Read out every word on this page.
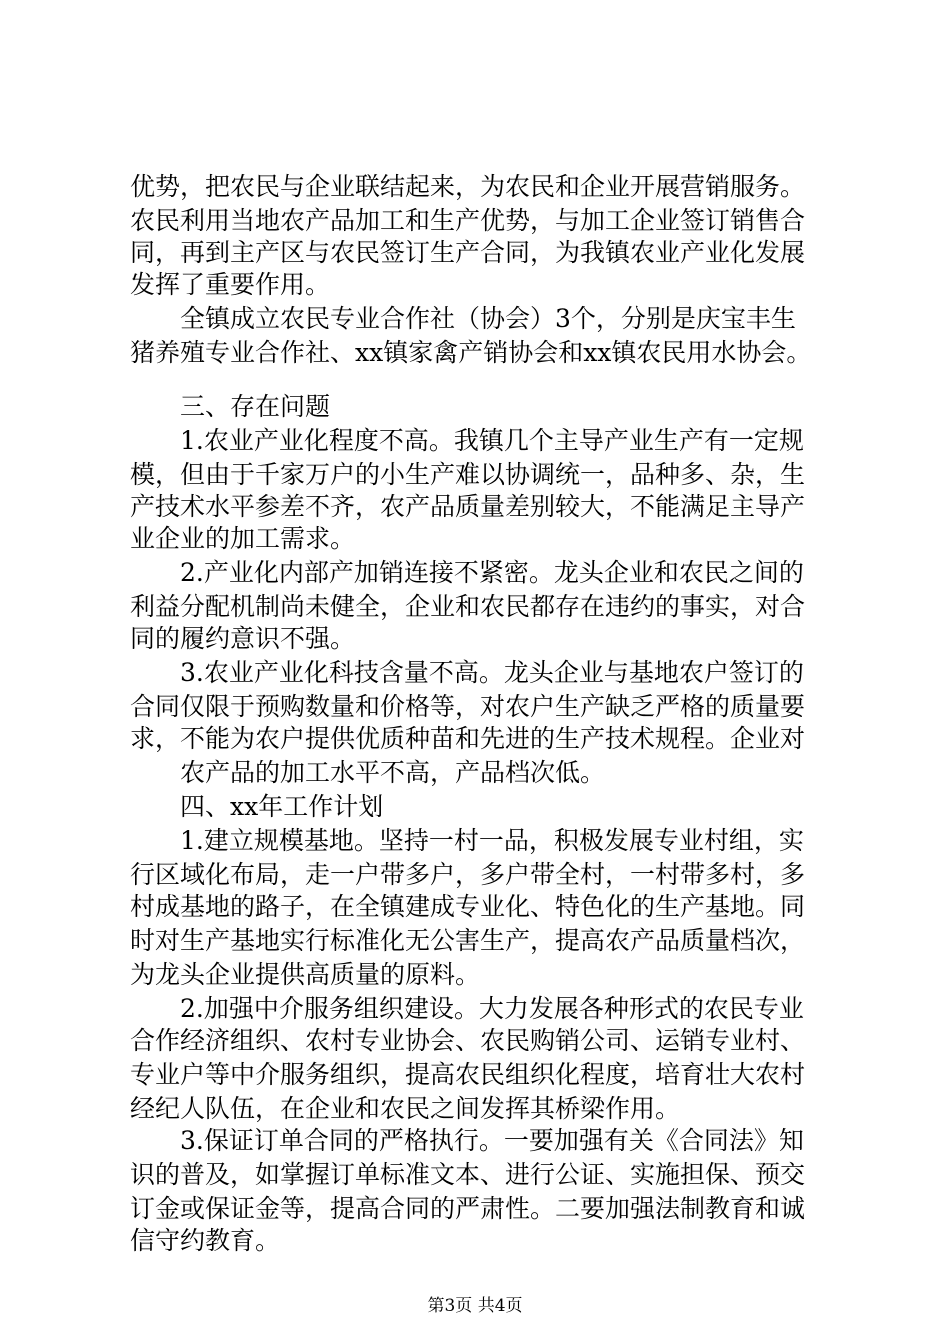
优势，把农民与企业联结起来，为农民和企业开展营销服务。
农民利用当地农产品加工和生产优势，与加工企业签订销售合
同，再到主产区与农民签订生产合同，为我镇农业产业化发展
发挥了重要作用。
全镇成立农民专业合作社（协会）3个，分别是庆宝丰生
猪养殖专业合作社、xx镇家禽产销协会和xx镇农民用水协会。
三、存在问题
1.农业产业化程度不高。我镇几个主导产业生产有一定规
模，但由于千家万户的小生产难以协调统一，品种多、杂，生
产技术水平参差不齐，农产品质量差别较大，不能满足主导产
业企业的加工需求。
2.产业化内部产加销连接不紧密。龙头企业和农民之间的
利益分配机制尚未健全，企业和农民都存在违约的事实，对合
同的履约意识不强。
3.农业产业化科技含量不高。龙头企业与基地农户签订的
合同仅限于预购数量和价格等，对农户生产缺乏严格的质量要
求，不能为农户提供优质种苗和先进的生产技术规程。企业对
农产品的加工水平不高，产品档次低。
四、xx年工作计划
1.建立规模基地。坚持一村一品，积极发展专业村组，实
行区域化布局，走一户带多户，多户带全村，一村带多村，多
村成基地的路子，在全镇建成专业化、特色化的生产基地。同
时对生产基地实行标准化无公害生产，提高农产品质量档次，
为龙头企业提供高质量的原料。
2.加强中介服务组织建设。大力发展各种形式的农民专业
合作经济组织、农村专业协会、农民购销公司、运销专业村、
专业户等中介服务组织，提高农民组织化程度，培育壮大农村
经纪人队伍，在企业和农民之间发挥其桥梁作用。
3.保证订单合同的严格执行。一要加强有关《合同法》知
识的普及，如掌握订单标准文本、进行公证、实施担保、预交
订金或保证金等，提高合同的严肃性。二要加强法制教育和诚
信守约教育。
第3页 共4页
